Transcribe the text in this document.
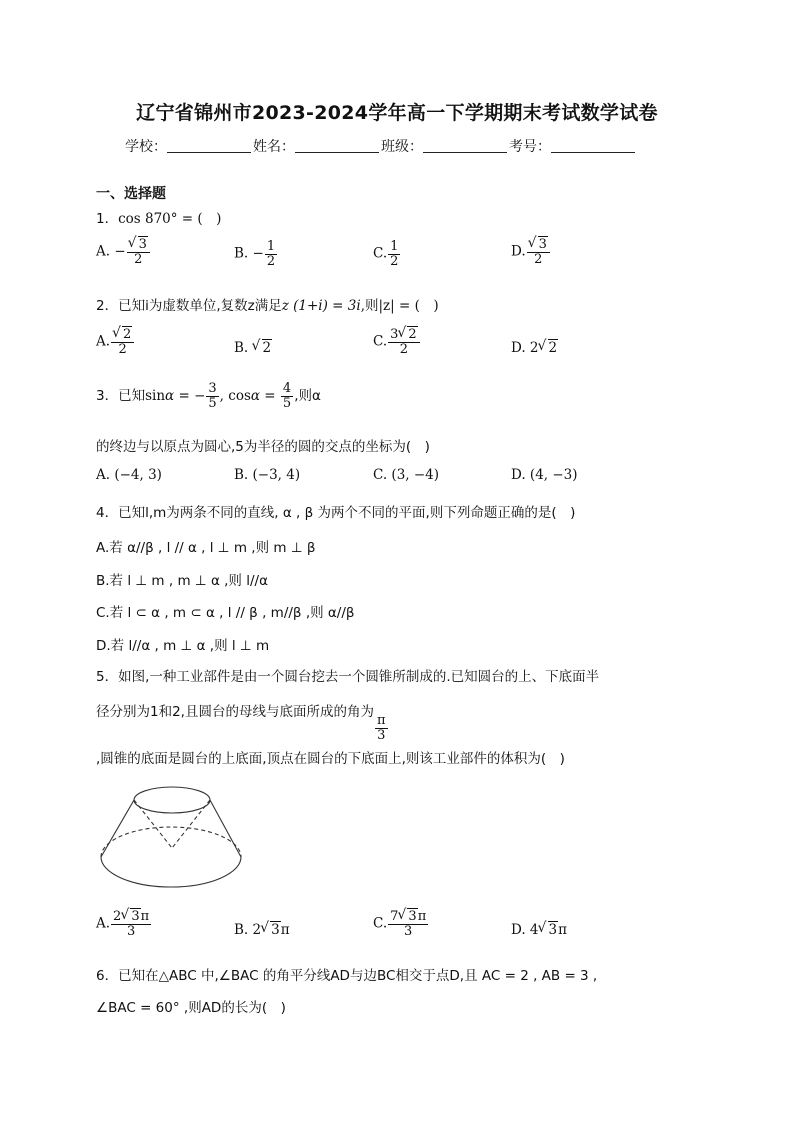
辽宁省锦州市2023-2024学年高一下学期期末考试数学试卷
学校：	姓名：	班级：	考号：
一、选择题
1．cos 870° = (　)
A. − √ $\frac{3}{2}$	B. − $\frac{1}{2}$	C. $\frac{1}{2}$	D. √ $\frac{3}{2}$
2．已知i为虚数单位,复数z满足z (1+i) = 3i,则|z| = (　)
A. √ $\frac{2}{2}$	B. √ 2	C. $\frac{3 √ 2}{2}$	D. 2 √ 2
3．已知sinα = − $\frac{3}{5}$ , $\cos\alpha = \frac{4}{5}$ ,则α
的终边与以原点为圆心,5为半径的圆的交点的坐标为(　)
A. (−4, 3)	B. (−3, 4)	C. (3, −4)	D. (4, −3)
4．已知l,m为两条不同的直线, α , β 为两个不同的平面,则下列命题正确的是(　)
A.若 α//β , l // α , l ⊥ m ,则 m ⊥ β
B.若 l ⊥ m , m ⊥ α ,则 l//α
C.若 l ⊂ α , m ⊂ α , l // β , m//β ,则 α//β
D.若 l//α , m ⊥ α ,则 l ⊥ m
5．如图,一种工业部件是由一个圆台挖去一个圆锥所制成的.已知圆台的上、下底面半
径分别为1和2,且圆台的母线与底面所成的角为
$\frac{\pi}{3}$
,圆锥的底面是圆台的上底面,顶点在圆台的下底面上,则该工业部件的体积为(　)
A. $\frac{2 √ 3\pi}{3}$	B. 2 √ 3π	C. $\frac{7 √ 3\pi}{3}$	D. 4 √ 3π
6．已知在△ABC 中,∠BAC 的角平分线AD与边BC相交于点D,且 AC = 2 , AB = 3 ,
∠BAC = 60° ,则AD的长为(　)
